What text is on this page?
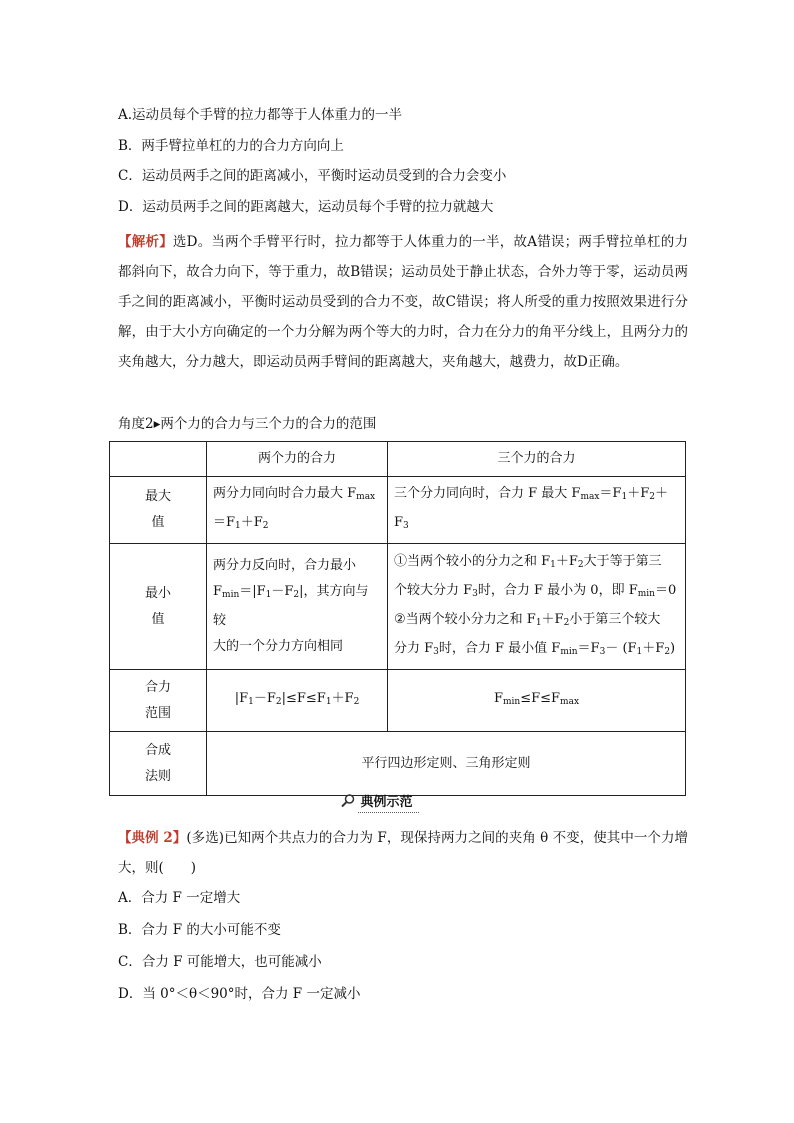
A.运动员每个手臂的拉力都等于人体重力的一半
B．两手臂拉单杠的力的合力方向向上
C．运动员两手之间的距离减小，平衡时运动员受到的合力会变小
D．运动员两手之间的距离越大，运动员每个手臂的拉力就越大
【解析】选D。当两个手臂平行时，拉力都等于人体重力的一半，故A错误；两手臂拉单杠的力都斜向下，故合力向下，等于重力，故B错误；运动员处于静止状态，合外力等于零，运动员两手之间的距离减小，平衡时运动员受到的合力不变，故C错误；将人所受的重力按照效果进行分解，由于大小方向确定的一个力分解为两个等大的力时，合力在分力的角平分线上，且两分力的夹角越大，分力越大，即运动员两手臂间的距离越大，夹角越大，越费力，故D正确。
角度2▸两个力的合力与三个力的合力的范围
	两个力的合力	三个力的合力
最大
值	两分力同向时合力最大 $F_{max}$
$=F_1+F_2$	三个分力同向时，合力 F 最大 $F_{max}=F_1+F_2+F_3$
最小
值	两分力反向时，合力最小
$F_{min}=|F_1-F_2|$，其方向与较
大的一个分力方向相同	①当两个较小的分力之和 $F_1+F_2$大于等于第三
个较大分力 $F_3$时，合力 F 最小为 0，即 $F_{min}=0$
②当两个较小分力之和 $F_1+F_2$小于第三个较大
分力 $F_3$时，合力 F 最小值 $F_{min}=F_3- (F_1+F_2)$
合力
范围	$|F_1-F_2|\le F\le F_1+F_2$	$F_{min}\le F\le F_{max}$
合成
法则	平行四边形定则、三角形定则	
典例示范
【典例 2】(多选)已知两个共点力的合力为 F，现保持两力之间的夹角 θ 不变，使其中一个力增大，则(　　)
A．合力 F 一定增大
B．合力 F 的大小可能不变
C．合力 F 可能增大，也可能减小
D．当 0°＜θ＜90°时，合力 F 一定减小
